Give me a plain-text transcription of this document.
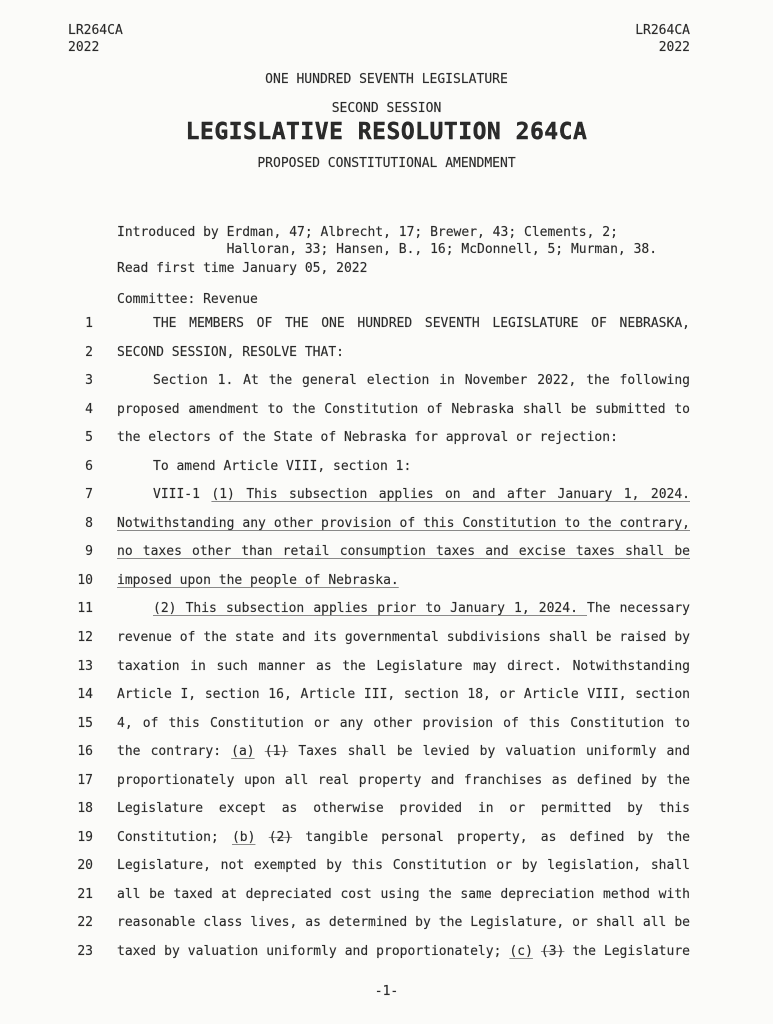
LR264CA
2022
LR264CA
2022
ONE HUNDRED SEVENTH LEGISLATURE
SECOND SESSION
LEGISLATIVE RESOLUTION 264CA
PROPOSED CONSTITUTIONAL AMENDMENT
Introduced by Erdman, 47; Albrecht, 17; Brewer, 43; Clements, 2;
Halloran, 33; Hansen, B., 16; McDonnell, 5; Murman, 38.
Read first time January 05, 2022
Committee: Revenue
1	THE MEMBERS OF THE ONE HUNDRED SEVENTH LEGISLATURE OF NEBRASKA,
2 SECOND SESSION, RESOLVE THAT:
3	Section 1. At the general election in November 2022, the following
4 proposed amendment to the Constitution of Nebraska shall be submitted to
5 the electors of the State of Nebraska for approval or rejection:
6	To amend Article VIII, section 1:
7	VIII-1 (1) This subsection applies on and after January 1, 2024.
8 Notwithstanding any other provision of this Constitution to the contrary,
9 no taxes other than retail consumption taxes and excise taxes shall be
10 imposed upon the people of Nebraska.
11	(2) This subsection applies prior to January 1, 2024. The necessary
12 revenue of the state and its governmental subdivisions shall be raised by
13 taxation in such manner as the Legislature may direct. Notwithstanding
14 Article I, section 16, Article III, section 18, or Article VIII, section
15 4, of this Constitution or any other provision of this Constitution to
16 the contrary: (a) (1) Taxes shall be levied by valuation uniformly and
17 proportionately upon all real property and franchises as defined by the
18 Legislature except as otherwise provided in or permitted by this
19 Constitution; (b) (2) tangible personal property, as defined by the
20 Legislature, not exempted by this Constitution or by legislation, shall
21 all be taxed at depreciated cost using the same depreciation method with
22 reasonable class lives, as determined by the Legislature, or shall all be
23 taxed by valuation uniformly and proportionately; (c) (3) the Legislature
-1-
